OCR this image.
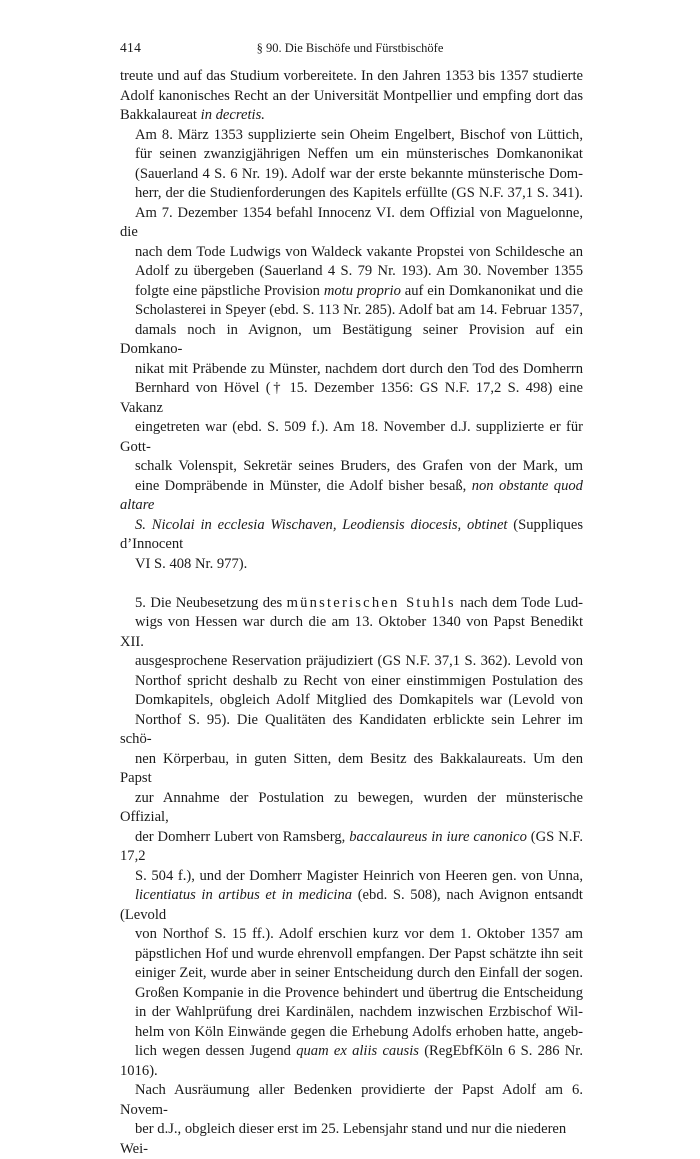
414	§ 90. Die Bischöfe und Fürstbischöfe
treute und auf das Studium vorbereitete. In den Jahren 1353 bis 1357 studierte
Adolf kanonisches Recht an der Universität Montpellier und empfing dort das
Bakkalaureat in decretis.
Am 8. März 1353 supplizierte sein Oheim Engelbert, Bischof von Lüttich,
für seinen zwanzigjährigen Neffen um ein münsterisches Domkanonikat
(Sauerland 4 S. 6 Nr. 19). Adolf war der erste bekannte münsterische Dom-
herr, der die Studienforderungen des Kapitels erfüllte (GS N.F. 37,1 S. 341).
Am 7. Dezember 1354 befahl Innocenz VI. dem Offizial von Maguelonne, die
nach dem Tode Ludwigs von Waldeck vakante Propstei von Schildesche an
Adolf zu übergeben (Sauerland 4 S. 79 Nr. 193). Am 30. November 1355
folgte eine päpstliche Provision motu proprio auf ein Domkanonikat und die
Scholasterei in Speyer (ebd. S. 113 Nr. 285). Adolf bat am 14. Februar 1357,
damals noch in Avignon, um Bestätigung seiner Provision auf ein Domkano-
nikat mit Präbende zu Münster, nachdem dort durch den Tod des Domherrn
Bernhard von Hövel († 15. Dezember 1356: GS N.F. 17,2 S. 498) eine Vakanz
eingetreten war (ebd. S. 509 f.). Am 18. November d.J. supplizierte er für Gott-
schalk Volenspit, Sekretär seines Bruders, des Grafen von der Mark, um
eine Dompräbende in Münster, die Adolf bisher besaß, non obstante quod altare
S. Nicolai in ecclesia Wischaven, Leodiensis diocesis, obtinet (Suppliques d’Innocent
VI S. 408 Nr. 977).
5. Die Neubesetzung des münsterischen Stuhls nach dem Tode Lud-
wigs von Hessen war durch die am 13. Oktober 1340 von Papst Benedikt XII.
ausgesprochene Reservation präjudiziert (GS N.F. 37,1 S. 362). Levold von
Northof spricht deshalb zu Recht von einer einstimmigen Postulation des
Domkapitels, obgleich Adolf Mitglied des Domkapitels war (Levold von
Northof S. 95). Die Qualitäten des Kandidaten erblickte sein Lehrer im schö-
nen Körperbau, in guten Sitten, dem Besitz des Bakkalaureats. Um den Papst
zur Annahme der Postulation zu bewegen, wurden der münsterische Offizial,
der Domherr Lubert von Ramsberg, baccalaureus in iure canonico (GS N.F. 17,2
S. 504 f.), und der Domherr Magister Heinrich von Heeren gen. von Unna,
licentiatus in artibus et in medicina (ebd. S. 508), nach Avignon entsandt (Levold
von Northof S. 15 ff.). Adolf erschien kurz vor dem 1. Oktober 1357 am
päpstlichen Hof und wurde ehrenvoll empfangen. Der Papst schätzte ihn seit
einiger Zeit, wurde aber in seiner Entscheidung durch den Einfall der sogen.
Großen Kompanie in die Provence behindert und übertrug die Entscheidung
in der Wahlprüfung drei Kardinälen, nachdem inzwischen Erzbischof Wil-
helm von Köln Einwände gegen die Erhebung Adolfs erhoben hatte, angeb-
lich wegen dessen Jugend quam ex aliis causis (RegEbfKöln 6 S. 286 Nr. 1016).
Nach Ausräumung aller Bedenken providierte der Papst Adolf am 6. Novem-
ber d.J., obgleich dieser erst im 25. Lebensjahr stand und nur die niederen Wei-
